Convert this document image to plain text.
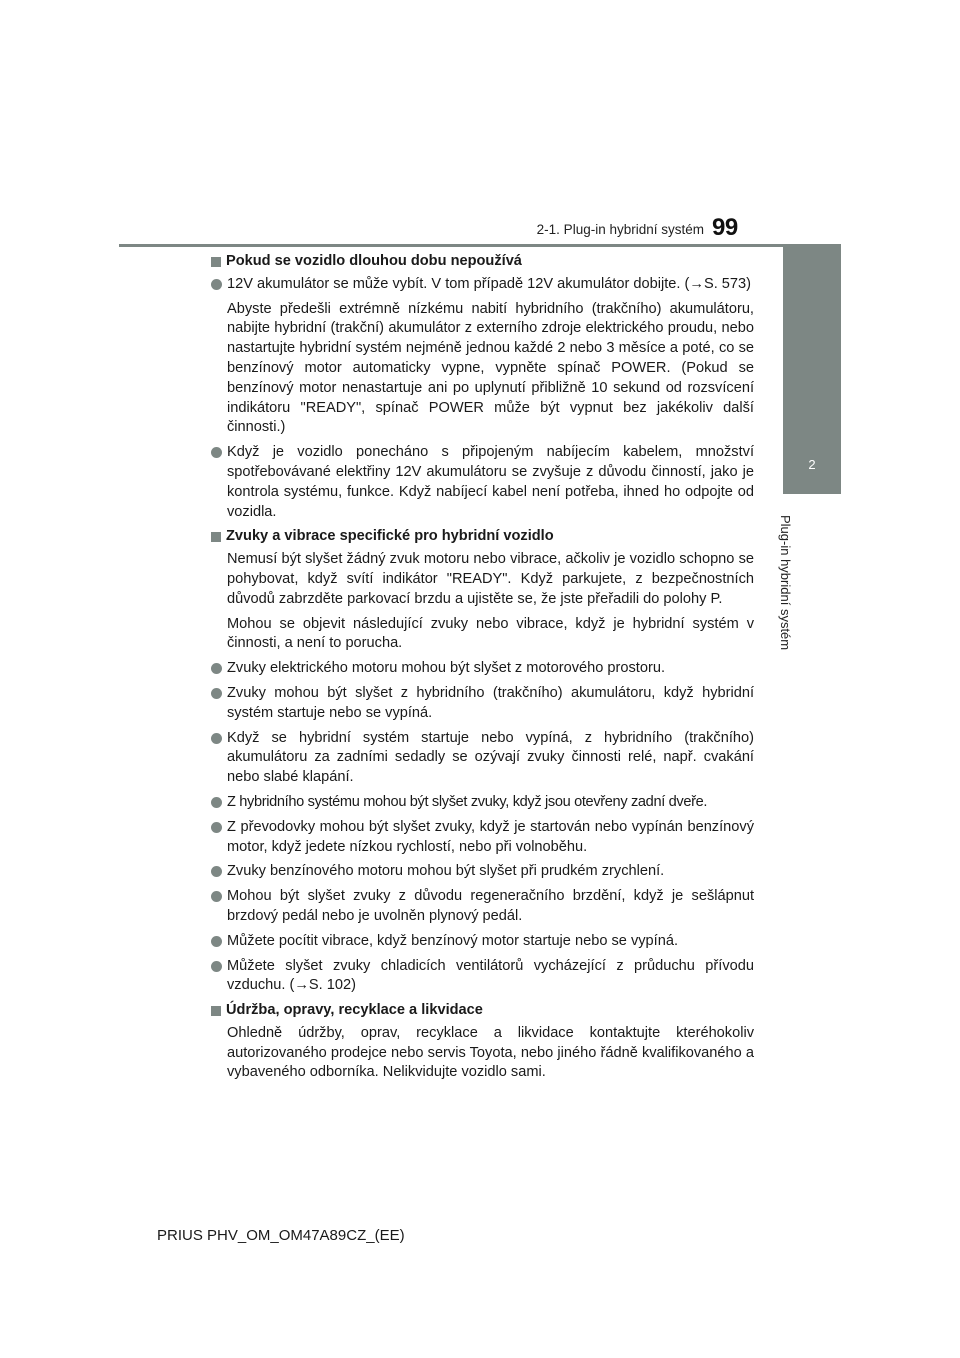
2-1. Plug-in hybridní systém 99
2
Plug-in hybridní systém
Pokud se vozidlo dlouhou dobu nepoužívá

12V akumulátor se může vybít. V tom případě 12V akumulátor dobijte. (→S. 573)

Abyste předešli extrémně nízkému nabití hybridního (trakčního) akumulátoru, nabijte hybridní (trakční) akumulátor z externího zdroje elektrického proudu, nebo nastartujte hybridní systém nejméně jednou každé 2 nebo 3 měsíce a poté, co se benzínový motor automaticky vypne, vypněte spínač POWER. (Pokud se benzínový motor nenastartuje ani po uplynutí přibližně 10 sekund od rozsvícení indikátoru "READY", spínač POWER může být vypnut bez jakékoliv další činnosti.)

Když je vozidlo ponecháno s připojeným nabíjecím kabelem, množství spotřebovávané elektřiny 12V akumulátoru se zvyšuje z důvodu činností, jako je kontrola systému, funkce. Když nabíjecí kabel není potřeba, ihned ho odpojte od vozidla.

Zvuky a vibrace specifické pro hybridní vozidlo

Nemusí být slyšet žádný zvuk motoru nebo vibrace, ačkoliv je vozidlo schopno se pohybovat, když svítí indikátor "READY". Když parkujete, z bezpečnostních důvodů zabrzděte parkovací brzdu a ujistěte se, že jste přeřadili do polohy P.

Mohou se objevit následující zvuky nebo vibrace, když je hybridní systém v činnosti, a není to porucha.

Zvuky elektrického motoru mohou být slyšet z motorového prostoru.

Zvuky mohou být slyšet z hybridního (trakčního) akumulátoru, když hybridní systém startuje nebo se vypíná.

Když se hybridní systém startuje nebo vypíná, z hybridního (trakčního) akumulátoru za zadními sedadly se ozývají zvuky činnosti relé, např. cvakání nebo slabé klapání.

Z hybridního systému mohou být slyšet zvuky, když jsou otevřeny zadní dveře.

Z převodovky mohou být slyšet zvuky, když je startován nebo vypínán benzínový motor, když jedete nízkou rychlostí, nebo při volnoběhu.

Zvuky benzínového motoru mohou být slyšet při prudkém zrychlení.

Mohou být slyšet zvuky z důvodu regeneračního brzdění, když je sešlápnut brzdový pedál nebo je uvolněn plynový pedál.

Můžete pocítit vibrace, když benzínový motor startuje nebo se vypíná.

Můžete slyšet zvuky chladicích ventilátorů vycházející z průduchu přívodu vzduchu. (→S. 102)

Údržba, opravy, recyklace a likvidace

Ohledně údržby, oprav, recyklace a likvidace kontaktujte kteréhokoliv autorizovaného prodejce nebo servis Toyota, nebo jiného řádně kvalifikovaného a vybaveného odborníka. Nelikvidujte vozidlo sami.

PRIUS PHV_OM_OM47A89CZ_(EE)
